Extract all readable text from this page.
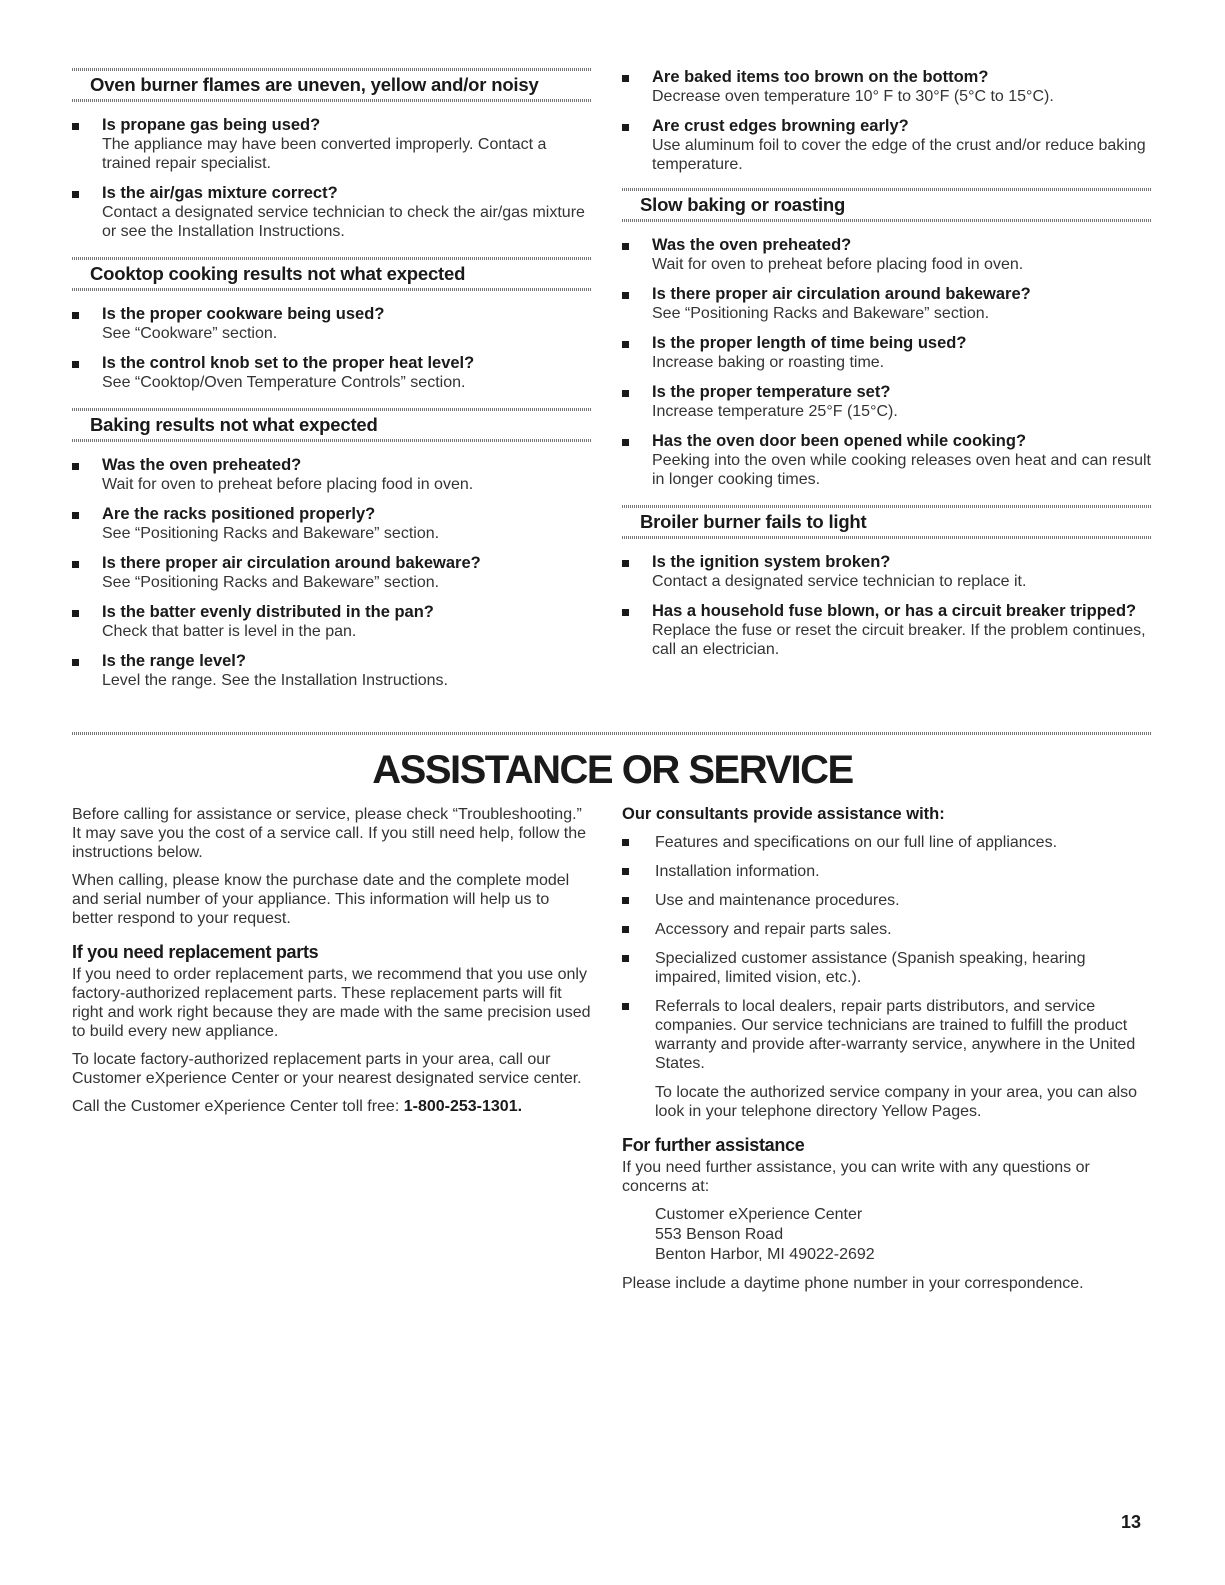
Oven burner flames are uneven, yellow and/or noisy
Is propane gas being used?
The appliance may have been converted improperly. Contact a trained repair specialist.
Is the air/gas mixture correct?
Contact a designated service technician to check the air/gas mixture or see the Installation Instructions.
Cooktop cooking results not what expected
Is the proper cookware being used?
See “Cookware” section.
Is the control knob set to the proper heat level?
See “Cooktop/Oven Temperature Controls” section.
Baking results not what expected
Was the oven preheated?
Wait for oven to preheat before placing food in oven.
Are the racks positioned properly?
See “Positioning Racks and Bakeware” section.
Is there proper air circulation around bakeware?
See “Positioning Racks and Bakeware” section.
Is the batter evenly distributed in the pan?
Check that batter is level in the pan.
Is the range level?
Level the range. See the Installation Instructions.
Are baked items too brown on the bottom?
Decrease oven temperature 10° F to 30°F (5°C to 15°C).
Are crust edges browning early?
Use aluminum foil to cover the edge of the crust and/or reduce baking temperature.
Slow baking or roasting
Was the oven preheated?
Wait for oven to preheat before placing food in oven.
Is there proper air circulation around bakeware?
See “Positioning Racks and Bakeware” section.
Is the proper length of time being used?
Increase baking or roasting time.
Is the proper temperature set?
Increase temperature 25°F (15°C).
Has the oven door been opened while cooking?
Peeking into the oven while cooking releases oven heat and can result in longer cooking times.
Broiler burner fails to light
Is the ignition system broken?
Contact a designated service technician to replace it.
Has a household fuse blown, or has a circuit breaker tripped?
Replace the fuse or reset the circuit breaker. If the problem continues, call an electrician.
ASSISTANCE OR SERVICE

Before calling for assistance or service, please check “Troubleshooting.” It may save you the cost of a service call. If you still need help, follow the instructions below.

When calling, please know the purchase date and the complete model and serial number of your appliance. This information will help us to better respond to your request.

If you need replacement parts

If you need to order replacement parts, we recommend that you use only factory-authorized replacement parts. These replacement parts will fit right and work right because they are made with the same precision used to build every new appliance.

To locate factory-authorized replacement parts in your area, call our Customer eXperience Center or your nearest designated service center.

Call the Customer eXperience Center toll free: 1-800-253-1301.

Our consultants provide assistance with:
Features and specifications on our full line of appliances.
Installation information.
Use and maintenance procedures.
Accessory and repair parts sales.
Specialized customer assistance (Spanish speaking, hearing impaired, limited vision, etc.).
Referrals to local dealers, repair parts distributors, and service companies. Our service technicians are trained to fulfill the product warranty and provide after-warranty service, anywhere in the United States.

To locate the authorized service company in your area, you can also look in your telephone directory Yellow Pages.

For further assistance

If you need further assistance, you can write with any questions or concerns at:

Customer eXperience Center
553 Benson Road
Benton Harbor, MI 49022-2692

Please include a daytime phone number in your correspondence.

13
